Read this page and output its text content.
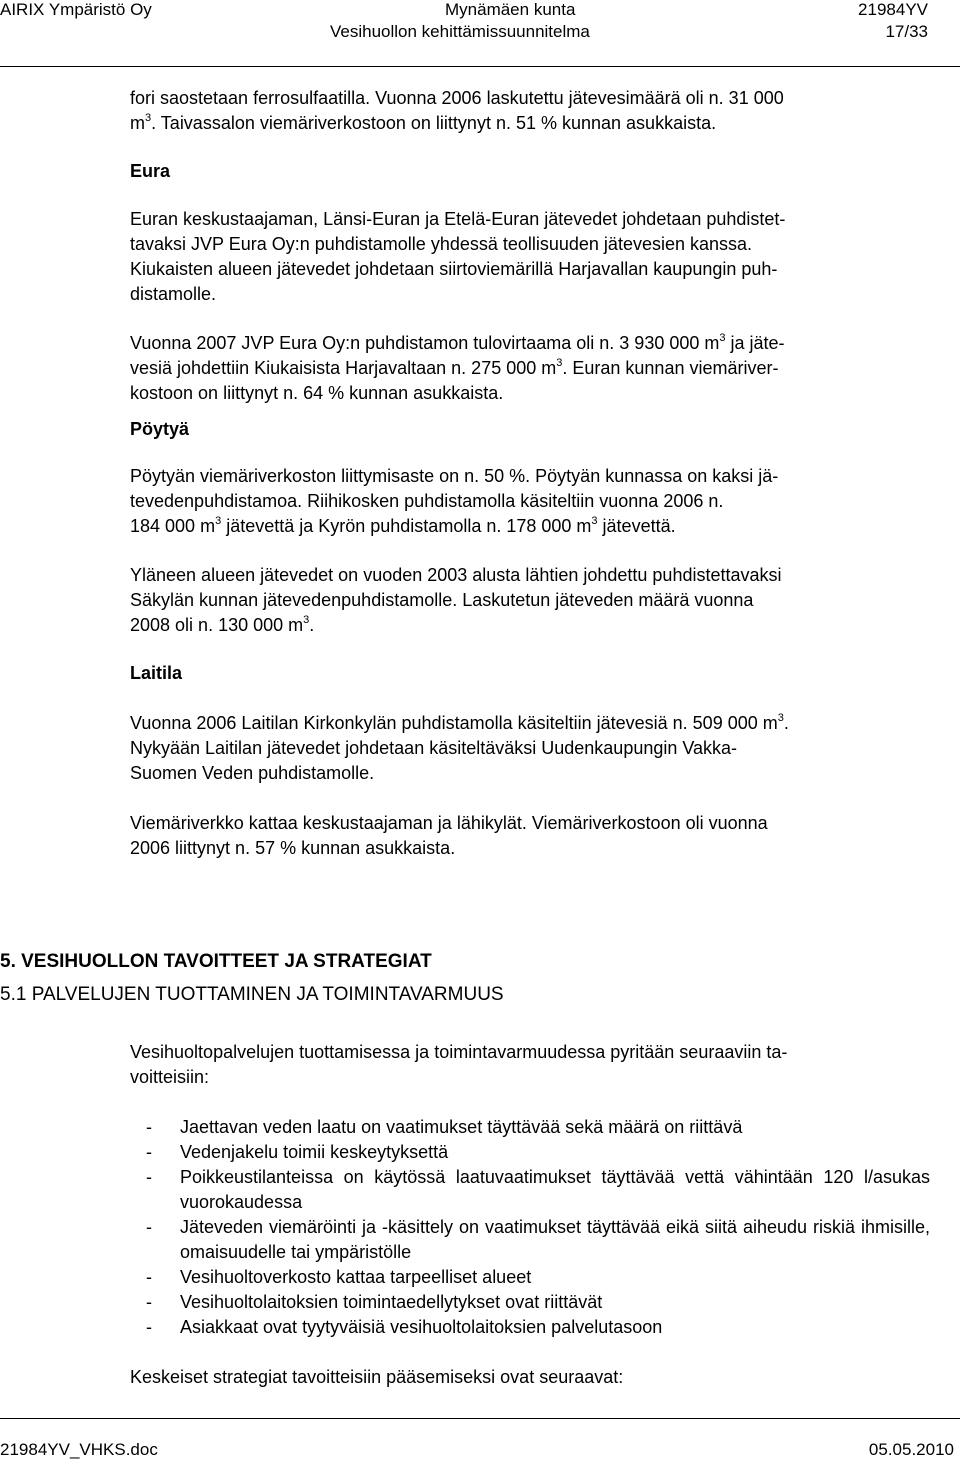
AIRIX Ympäristö Oy	Mynämäen kunta	21984YV
Vesihuollon kehittämissuunnitelma	17/33

fori saostetaan ferrosulfaatilla. Vuonna 2006 laskutettu jätevesimäärä oli n. 31 000
$m^3$. Taivassalon viemäriverkostoon on liittynyt n. 51 % kunnan asukkaista.

Eura

Euran keskustaajaman, Länsi-Euran ja Etelä-Euran jätevedet johdetaan puhdistet-
tavaksi JVP Eura Oy:n puhdistamolle yhdessä teollisuuden jätevesien kanssa.
Kiukaisten alueen jätevedet johdetaan siirtoviemärillä Harjavallan kaupungin puh-
distamolle.

Vuonna 2007 JVP Eura Oy:n puhdistamon tulovirtaama oli n. 3 930 000 $m^3$ ja jäte-
vesiä johdettiin Kiukaisista Harjavaltaan n. 275 000 $m^3$. Euran kunnan viemäriver-
kostoon on liittynyt n. 64 % kunnan asukkaista.

Pöytyä

Pöytyän viemäriverkoston liittymisaste on n. 50 %. Pöytyän kunnassa on kaksi jä-
tevedenpuhdistamoa. Riihikosken puhdistamolla käsiteltiin vuonna 2006 n.
184 000 $m^3$ jätevettä ja Kyrön puhdistamolla n. 178 000 $m^3$ jätevettä.

Yläneen alueen jätevedet on vuoden 2003 alusta lähtien johdettu puhdistettavaksi
Säkylän kunnan jätevedenpuhdistamolle. Laskutetun jäteveden määrä vuonna
2008 oli n. 130 000 $m^3$.

Laitila

Vuonna 2006 Laitilan Kirkonkylän puhdistamolla käsiteltiin jätevesiä n. 509 000 $m^3$.
Nykyään Laitilan jätevedet johdetaan käsiteltäväksi Uudenkaupungin Vakka-
Suomen Veden puhdistamolle.

Viemäriverkko kattaa keskustaajaman ja lähikylät. Viemäriverkostoon oli vuonna
2006 liittynyt n. 57 % kunnan asukkaista.

5. VESIHUOLLON TAVOITTEET JA STRATEGIAT
5.1 PALVELUJEN TUOTTAMINEN JA TOIMINTAVARMUUS

Vesihuoltopalvelujen tuottamisessa ja toimintavarmuudessa pyritään seuraaviin ta-
voitteisiin:

- Jaettavan veden laatu on vaatimukset täyttävää sekä määrä on riittävä
- Vedenjakelu toimii keskeytyksettä
- Poikkeustilanteissa on käytössä laatuvaatimukset täyttävää vettä vähintään 120 l/asukas vuorokaudessa
- Jäteveden viemäröinti ja -käsittely on vaatimukset täyttävää eikä siitä aiheudu riskiä ihmisille, omaisuudelle tai ympäristölle
- Vesihuoltoverkosto kattaa tarpeelliset alueet
- Vesihuoltolaitoksien toimintaedellytykset ovat riittävät
- Asiakkaat ovat tyytyväisiä vesihuoltolaitoksien palvelutasoon

Keskeiset strategiat tavoitteisiin pääsemiseksi ovat seuraavat:

21984YV_VHKS.doc	05.05.2010
